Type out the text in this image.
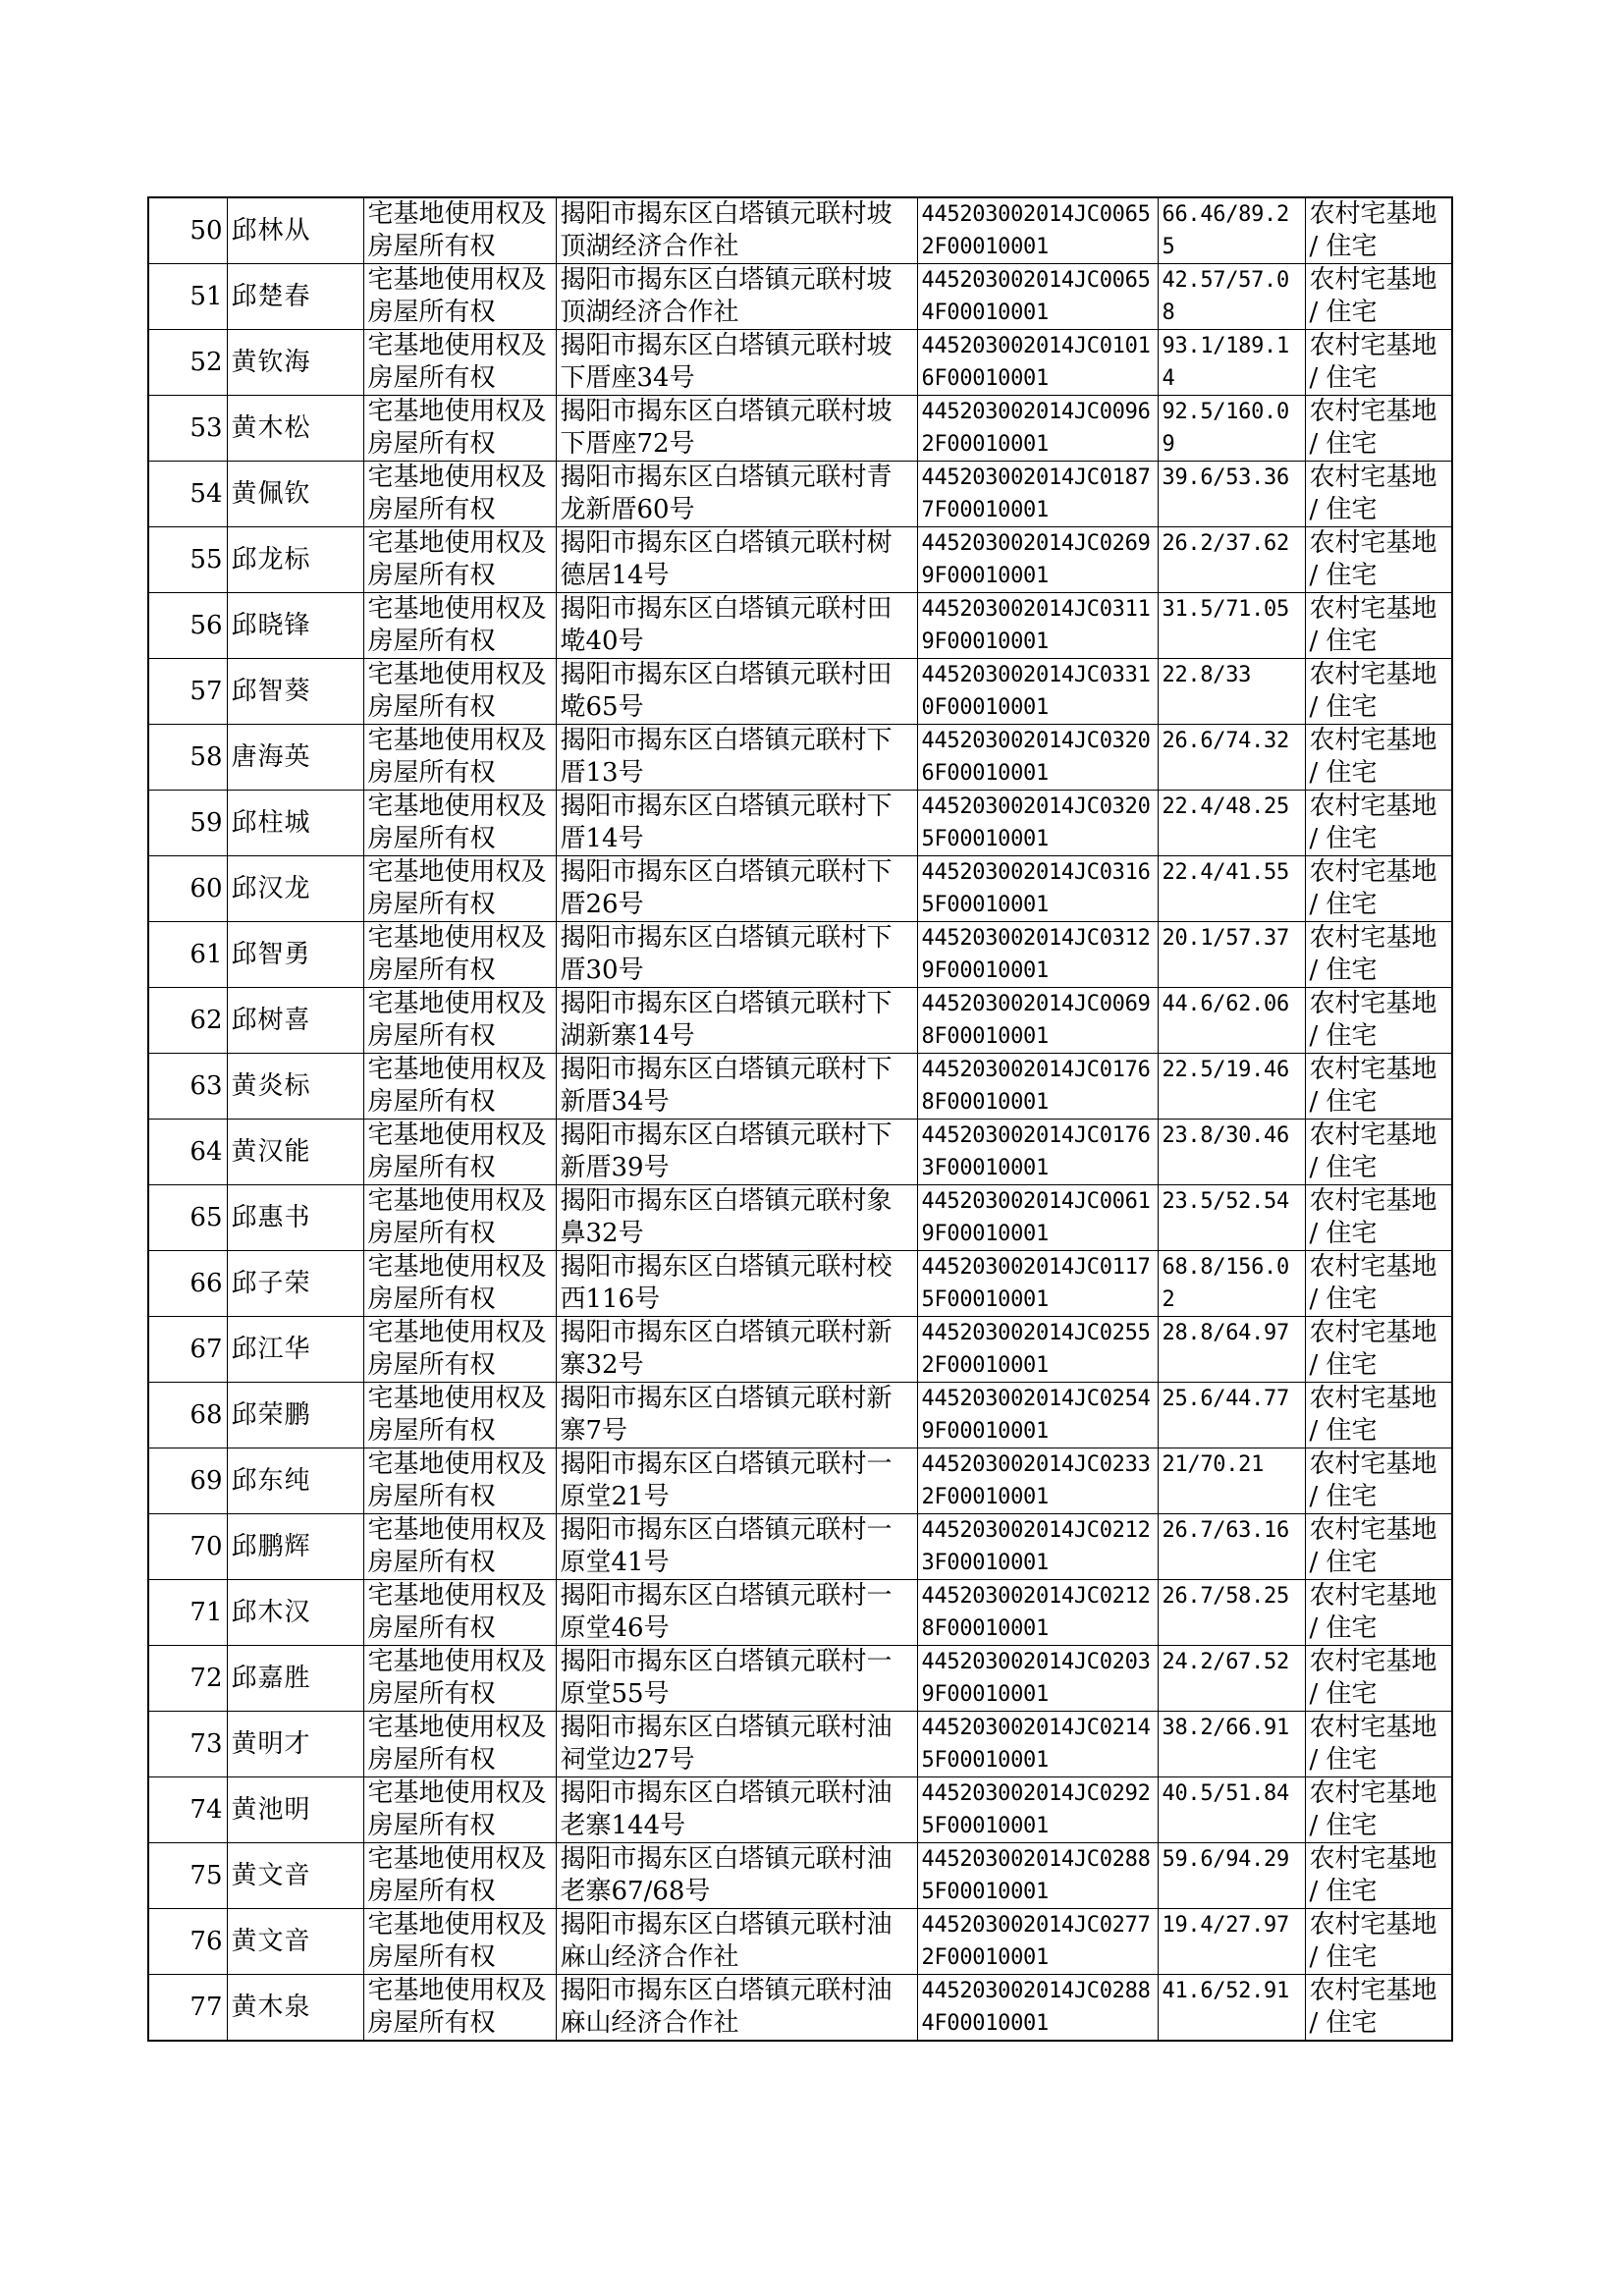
50	邱林从	宅基地使用权及房屋所有权	揭阳市揭东区白塔镇元联村坡顶湖经济合作社	445203002014JC00652F00010001	66.46/89.25	农村宅基地 / 住宅
51	邱楚春	宅基地使用权及房屋所有权	揭阳市揭东区白塔镇元联村坡顶湖经济合作社	445203002014JC00654F00010001	42.57/57.08	农村宅基地 / 住宅
52	黄钦海	宅基地使用权及房屋所有权	揭阳市揭东区白塔镇元联村坡下厝座34号	445203002014JC01016F00010001	93.1/189.14	农村宅基地 / 住宅
53	黄木松	宅基地使用权及房屋所有权	揭阳市揭东区白塔镇元联村坡下厝座72号	445203002014JC00962F00010001	92.5/160.09	农村宅基地 / 住宅
54	黄佩钦	宅基地使用权及房屋所有权	揭阳市揭东区白塔镇元联村青龙新厝60号	445203002014JC01877F00010001	39.6/53.36	农村宅基地 / 住宅
55	邱龙标	宅基地使用权及房屋所有权	揭阳市揭东区白塔镇元联村树德居14号	445203002014JC02699F00010001	26.2/37.62	农村宅基地 / 住宅
56	邱晓锋	宅基地使用权及房屋所有权	揭阳市揭东区白塔镇元联村田墘40号	445203002014JC03119F00010001	31.5/71.05	农村宅基地 / 住宅
57	邱智葵	宅基地使用权及房屋所有权	揭阳市揭东区白塔镇元联村田墘65号	445203002014JC03310F00010001	22.8/33	农村宅基地 / 住宅
58	唐海英	宅基地使用权及房屋所有权	揭阳市揭东区白塔镇元联村下厝13号	445203002014JC03206F00010001	26.6/74.32	农村宅基地 / 住宅
59	邱柱城	宅基地使用权及房屋所有权	揭阳市揭东区白塔镇元联村下厝14号	445203002014JC03205F00010001	22.4/48.25	农村宅基地 / 住宅
60	邱汉龙	宅基地使用权及房屋所有权	揭阳市揭东区白塔镇元联村下厝26号	445203002014JC03165F00010001	22.4/41.55	农村宅基地 / 住宅
61	邱智勇	宅基地使用权及房屋所有权	揭阳市揭东区白塔镇元联村下厝30号	445203002014JC03129F00010001	20.1/57.37	农村宅基地 / 住宅
62	邱树喜	宅基地使用权及房屋所有权	揭阳市揭东区白塔镇元联村下湖新寨14号	445203002014JC00698F00010001	44.6/62.06	农村宅基地 / 住宅
63	黄炎标	宅基地使用权及房屋所有权	揭阳市揭东区白塔镇元联村下新厝34号	445203002014JC01768F00010001	22.5/19.46	农村宅基地 / 住宅
64	黄汉能	宅基地使用权及房屋所有权	揭阳市揭东区白塔镇元联村下新厝39号	445203002014JC01763F00010001	23.8/30.46	农村宅基地 / 住宅
65	邱惠书	宅基地使用权及房屋所有权	揭阳市揭东区白塔镇元联村象鼻32号	445203002014JC00619F00010001	23.5/52.54	农村宅基地 / 住宅
66	邱子荣	宅基地使用权及房屋所有权	揭阳市揭东区白塔镇元联村校西116号	445203002014JC01175F00010001	68.8/156.02	农村宅基地 / 住宅
67	邱江华	宅基地使用权及房屋所有权	揭阳市揭东区白塔镇元联村新寨32号	445203002014JC02552F00010001	28.8/64.97	农村宅基地 / 住宅
68	邱荣鹏	宅基地使用权及房屋所有权	揭阳市揭东区白塔镇元联村新寨7号	445203002014JC02549F00010001	25.6/44.77	农村宅基地 / 住宅
69	邱东纯	宅基地使用权及房屋所有权	揭阳市揭东区白塔镇元联村一原堂21号	445203002014JC02332F00010001	21/70.21	农村宅基地 / 住宅
70	邱鹏辉	宅基地使用权及房屋所有权	揭阳市揭东区白塔镇元联村一原堂41号	445203002014JC02123F00010001	26.7/63.16	农村宅基地 / 住宅
71	邱木汉	宅基地使用权及房屋所有权	揭阳市揭东区白塔镇元联村一原堂46号	445203002014JC02128F00010001	26.7/58.25	农村宅基地 / 住宅
72	邱嘉胜	宅基地使用权及房屋所有权	揭阳市揭东区白塔镇元联村一原堂55号	445203002014JC02039F00010001	24.2/67.52	农村宅基地 / 住宅
73	黄明才	宅基地使用权及房屋所有权	揭阳市揭东区白塔镇元联村油祠堂边27号	445203002014JC02145F00010001	38.2/66.91	农村宅基地 / 住宅
74	黄池明	宅基地使用权及房屋所有权	揭阳市揭东区白塔镇元联村油老寨144号	445203002014JC02925F00010001	40.5/51.84	农村宅基地 / 住宅
75	黄文音	宅基地使用权及房屋所有权	揭阳市揭东区白塔镇元联村油老寨67/68号	445203002014JC02885F00010001	59.6/94.29	农村宅基地 / 住宅
76	黄文音	宅基地使用权及房屋所有权	揭阳市揭东区白塔镇元联村油麻山经济合作社	445203002014JC02772F00010001	19.4/27.97	农村宅基地 / 住宅
77	黄木泉	宅基地使用权及房屋所有权	揭阳市揭东区白塔镇元联村油麻山经济合作社	445203002014JC02884F00010001	41.6/52.91	农村宅基地 / 住宅
